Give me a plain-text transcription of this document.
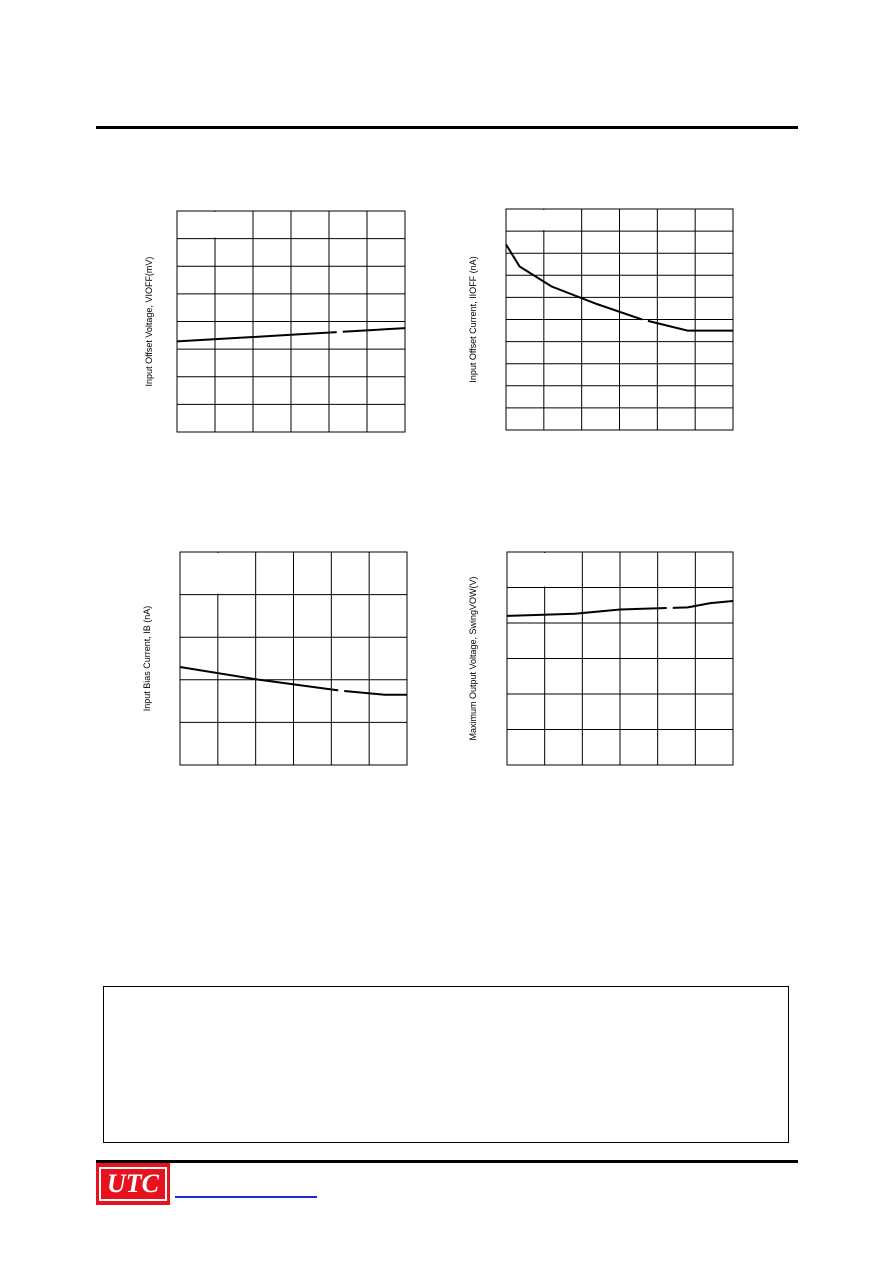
Input Offset Voltage, VIOFF(mV)	Input Offset Current, IIOFF (nA)
Input Bias Current, IB (nA)	Maximum Output Voltage, SwingVOW(V)
UTC
